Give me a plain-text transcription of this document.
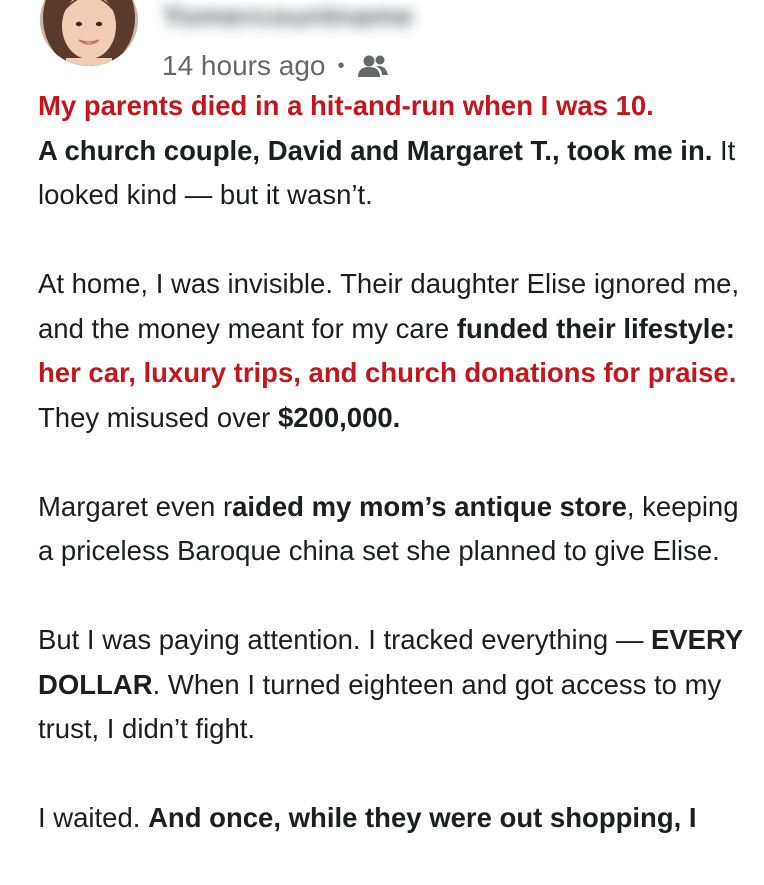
Yomercountname
14 hours ago •

My parents died in a hit-and-run when I was 10.
A church couple, David and Margaret T., took me in. It looked kind — but it wasn’t.

At home, I was invisible. Their daughter Elise ignored me, and the money meant for my care funded their lifestyle: her car, luxury trips, and church donations for praise. They misused over $200,000.

Margaret even raided my mom’s antique store, keeping a priceless Baroque china set she planned to give Elise.

But I was paying attention. I tracked everything — EVERY DOLLAR. When I turned eighteen and got access to my trust, I didn’t fight.

I waited. And once, while they were out shopping, I
